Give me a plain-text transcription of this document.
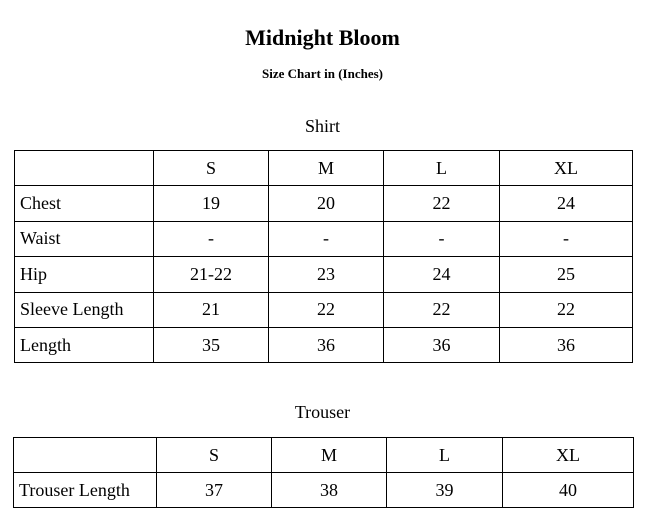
Midnight Bloom
Size Chart in (Inches)
Shirt
	S	M	L	XL
Chest	19	20	22	24
Waist	-	-	-	-
Hip	21-22	23	24	25
Sleeve Length	21	22	22	22
Length	35	36	36	36
Trouser
	S	M	L	XL
Trouser Length	37	38	39	40
